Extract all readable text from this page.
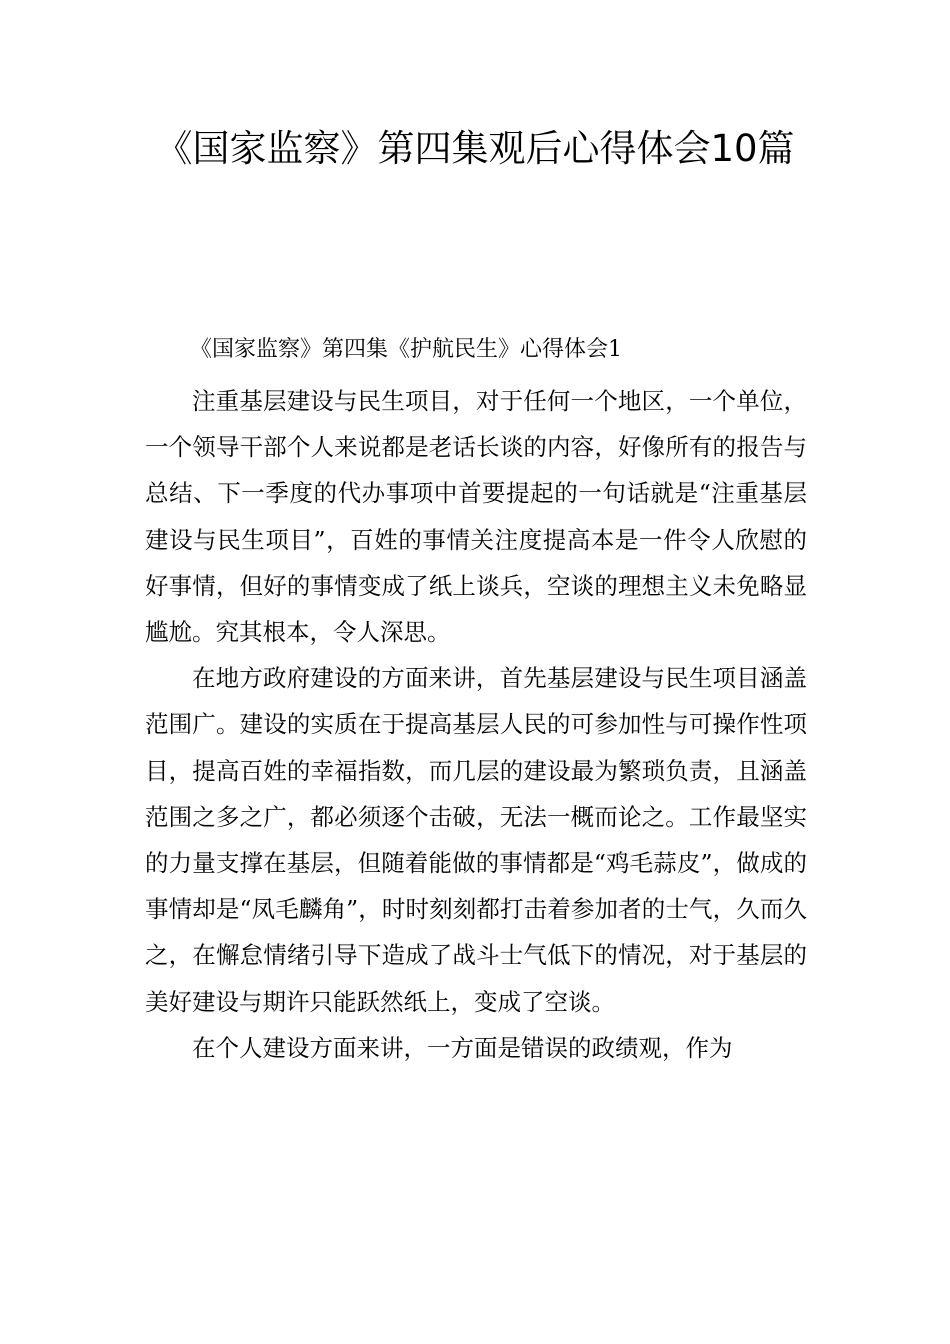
《国家监察》第四集观后心得体会10篇
《国家监察》第四集《护航民生》心得体会1

注重基层建设与民生项目，对于任何一个地区，一个单位，一个领导干部个人来说都是老话长谈的内容，好像所有的报告与总结、下一季度的代办事项中首要提起的一句话就是“注重基层建设与民生项目”，百姓的事情关注度提高本是一件令人欣慰的好事情，但好的事情变成了纸上谈兵，空谈的理想主义未免略显尴尬。究其根本，令人深思。

在地方政府建设的方面来讲，首先基层建设与民生项目涵盖范围广。建设的实质在于提高基层人民的可参加性与可操作性项目，提高百姓的幸福指数，而几层的建设最为繁琐负责，且涵盖范围之多之广，都必须逐个击破，无法一概而论之。工作最坚实的力量支撑在基层，但随着能做的事情都是“鸡毛蒜皮”，做成的事情却是“凤毛麟角”，时时刻刻都打击着参加者的士气，久而久之，在懈怠情绪引导下造成了战斗士气低下的情况，对于基层的美好建设与期许只能跃然纸上，变成了空谈。

在个人建设方面来讲，一方面是错误的政绩观，作为
